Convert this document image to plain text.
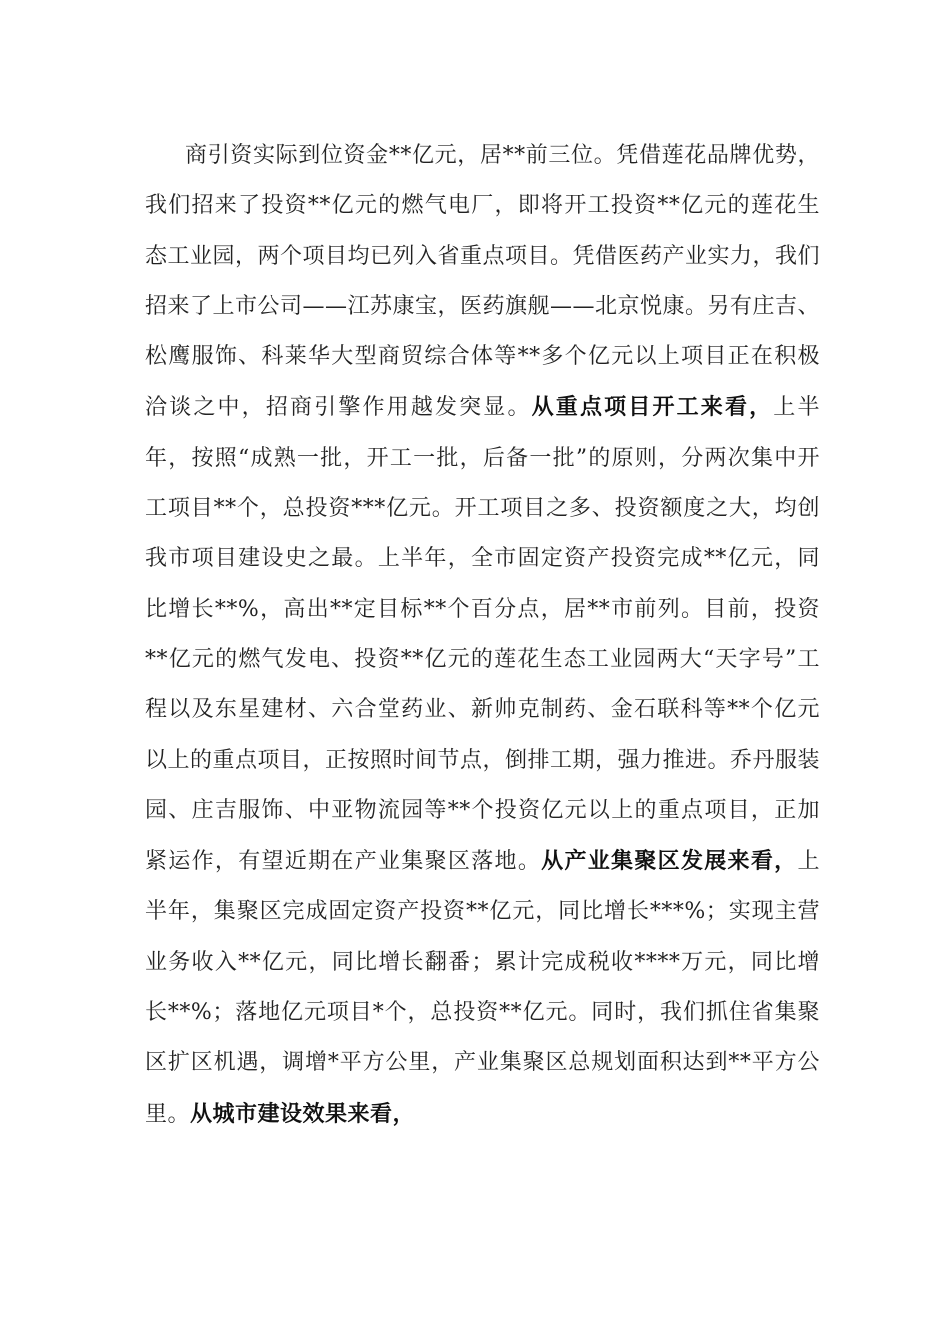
商引资实际到位资金**亿元，居**前三位。凭借莲花品牌优势，我们招来了投资**亿元的燃气电厂，即将开工投资**亿元的莲花生态工业园，两个项目均已列入省重点项目。凭借医药产业实力，我们招来了上市公司——江苏康宝，医药旗舰——北京悦康。另有庄吉、松鹰服饰、科莱华大型商贸综合体等**多个亿元以上项目正在积极洽谈之中，招商引擎作用越发突显。从重点项目开工来看，上半年，按照“成熟一批，开工一批，后备一批”的原则，分两次集中开工项目**个，总投资***亿元。开工项目之多、投资额度之大，均创我市项目建设史之最。上半年，全市固定资产投资完成**亿元，同比增长**%，高出**定目标**个百分点，居**市前列。目前，投资**亿元的燃气发电、投资**亿元的莲花生态工业园两大“天字号”工程以及东星建材、六合堂药业、新帅克制药、金石联科等**个亿元以上的重点项目，正按照时间节点，倒排工期，强力推进。乔丹服装园、庄吉服饰、中亚物流园等**个投资亿元以上的重点项目，正加紧运作，有望近期在产业集聚区落地。从产业集聚区发展来看，上半年，集聚区完成固定资产投资**亿元，同比增长***%；实现主营业务收入**亿元，同比增长翻番；累计完成税收****万元，同比增长**%；落地亿元项目*个，总投资**亿元。同时，我们抓住省集聚区扩区机遇，调增*平方公里，产业集聚区总规划面积达到**平方公里。从城市建设效果来看，
